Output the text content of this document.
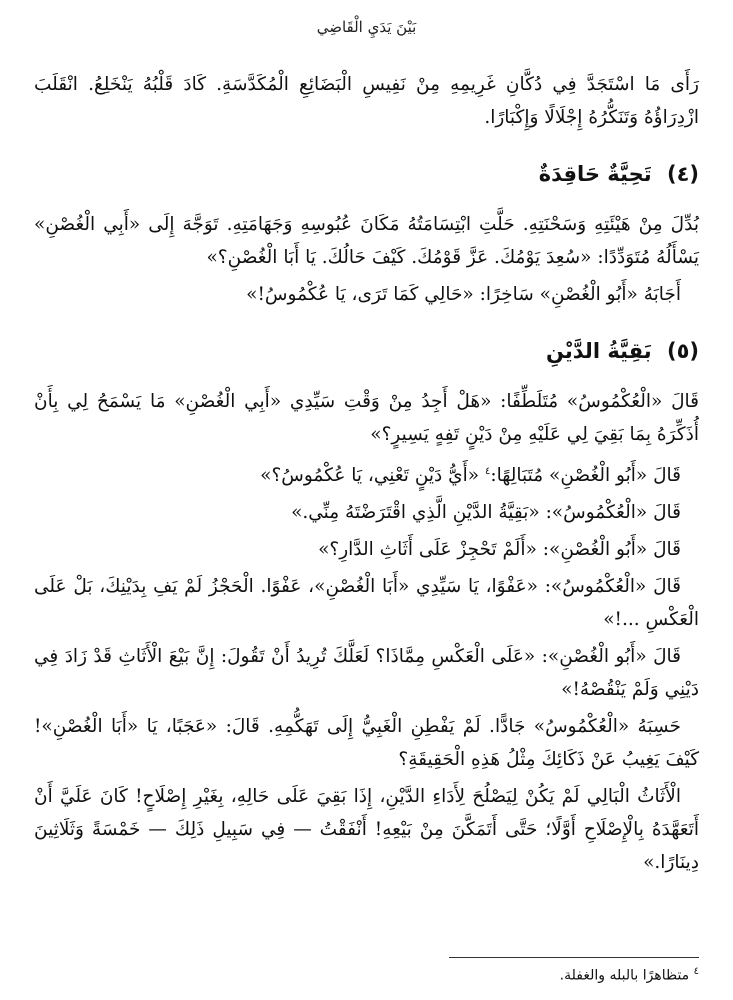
بَيْنَ يَدَيِ الْقَاضِي

رَأَى مَا اسْتَجَدَّ فِي دُكَّانِ غَرِيمِهِ مِنْ نَفِيسِ الْبَضَائِعِ الْمُكَدَّسَةِ. كَادَ قَلْبُهُ يَنْخَلِعُ. انْقَلَبَ ازْدِرَاؤُهُ وَتَنَكُّرُهُ إِجْلَالًا وَإِكْبَارًا.

(٤) تَحِيَّةٌ حَاقِدَةٌ

بُدِّلَ مِنْ هَيْئَتِهِ وَسَحْنَتِهِ. حَلَّتِ ابْتِسَامَتُهُ مَكَانَ عُبُوسِهِ وَجَهَامَتِهِ. تَوَجَّهَ إِلَى «أَبِي الْغُصْنِ» يَسْأَلُهُ مُتَوَدِّدًا: «سُعِدَ يَوْمُكَ. عَزَّ قَوْمُكَ. كَيْفَ حَالُكَ. يَا أَبَا الْغُصْنِ؟»

أَجَابَهُ «أَبُو الْغُصْنِ» سَاخِرًا: «حَالِي كَمَا تَرَى، يَا عُكْمُوسُ!»

(٥) بَقِيَّةُ الدَّيْنِ

قَالَ «الْعُكْمُوسُ» مُتَلَطِّفًا: «هَلْ أَجِدُ مِنْ وَقْتِ سَيِّدِي «أَبِي الْغُصْنِ» مَا يَسْمَحُ لِي بِأَنْ أُذَكِّرَهُ بِمَا بَقِيَ لِي عَلَيْهِ مِنْ دَيْنٍ تَفِهٍ يَسِيرٍ؟»

قَالَ «أَبُو الْغُصْنِ» مُتَبَالِهًا:$^٤$ «أَيُّ دَيْنٍ تَعْنِي، يَا عُكْمُوسُ؟»

قَالَ «الْعُكْمُوسُ»: «بَقِيَّةُ الدَّيْنِ الَّذِي اقْتَرَضْتَهُ مِنِّي.»

قَالَ «أَبُو الْغُصْنِ»: «أَلَمْ تَحْجِزْ عَلَى أَثَاثِ الدَّارِ؟»

قَالَ «الْعُكْمُوسُ»: «عَفْوًا، يَا سَيِّدِي «أَبَا الْغُصْنِ»، عَفْوًا. الْحَجْزُ لَمْ يَفِ بِدَيْنِكَ، بَلْ عَلَى الْعَكْسِ ...!»

قَالَ «أَبُو الْغُصْنِ»: «عَلَى الْعَكْسِ مِمَّاذَا؟ لَعَلَّكَ تُرِيدُ أَنْ تَقُولَ: إِنَّ بَيْعَ الْأَثَاثِ قَدْ زَادَ فِي دَيْنِي وَلَمْ يَنْقُصْهُ!»

حَسِبَهُ «الْعُكْمُوسُ» جَادًّا. لَمْ يَفْطِنِ الْغَبِيُّ إِلَى تَهَكُّمِهِ. قَالَ: «عَجَبًا، يَا «أَبَا الْغُصْنِ»! كَيْفَ يَغِيبُ عَنْ ذَكَائِكَ مِثْلُ هَذِهِ الْحَقِيقَةِ؟

الْأَثَاثُ الْبَالِي لَمْ يَكُنْ لِيَصْلُحَ لِأَدَاءِ الدَّيْنِ، إِذَا بَقِيَ عَلَى حَالِهِ، بِغَيْرِ إِصْلَاحٍ! كَانَ عَلَيَّ أَنْ أَتَعَهَّدَهُ بِالْإِصْلَاحِ أَوَّلًا؛ حَتَّى أَتَمَكَّنَ مِنْ بَيْعِهِ! أَنْفَقْتُ — فِي سَبِيلِ ذَلِكَ — خَمْسَةً وَثَلَاثِينَ دِينَارًا.»

$^٤$ متظاهرًا بالبله والغفلة.
